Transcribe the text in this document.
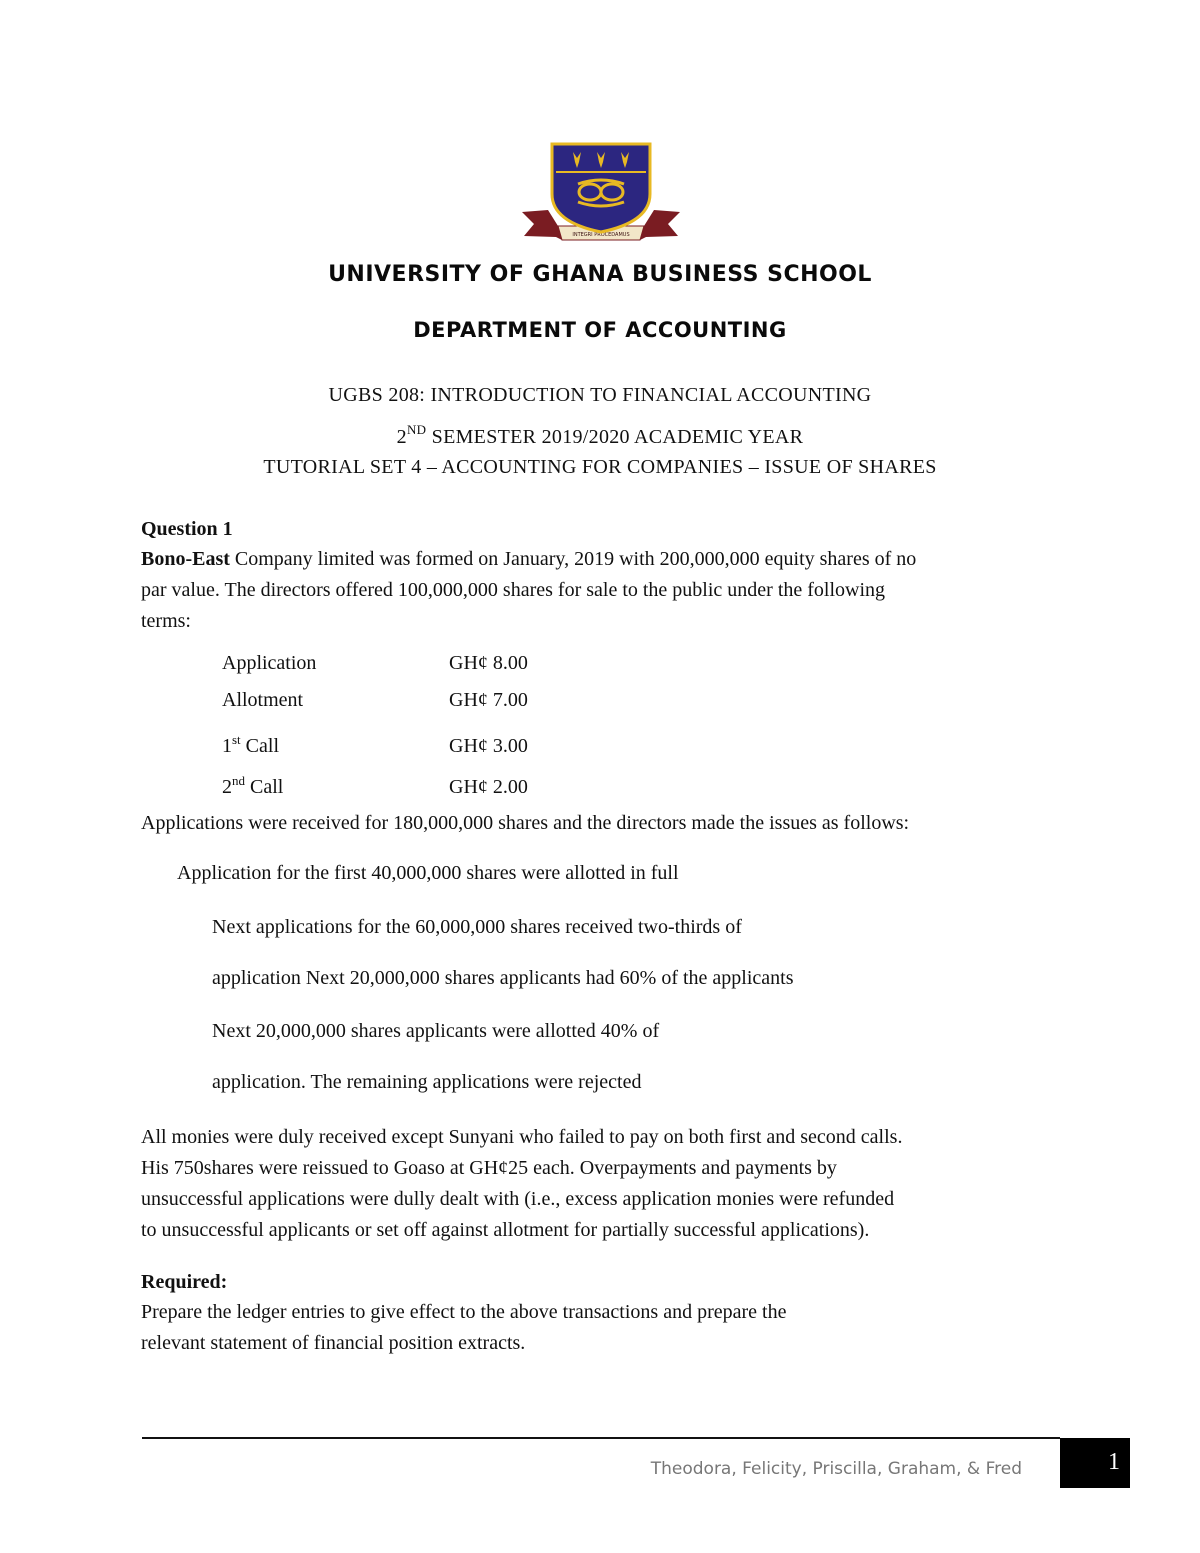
INTEGRI PROCEDAMUS
UNIVERSITY OF GHANA BUSINESS SCHOOL
DEPARTMENT OF ACCOUNTING
UGBS 208: INTRODUCTION TO FINANCIAL ACCOUNTING
2ND SEMESTER 2019/2020 ACADEMIC YEAR
TUTORIAL SET 4 – ACCOUNTING FOR COMPANIES – ISSUE OF SHARES
Question 1
Bono-East Company limited was formed on January, 2019 with 200,000,000 equity shares of no
par value. The directors offered 100,000,000 shares for sale to the public under the following
terms:
Application	GH¢ 8.00
Allotment	GH¢ 7.00
1st Call	GH¢ 3.00
2nd Call	GH¢ 2.00
Applications were received for 180,000,000 shares and the directors made the issues as follows:
Application for the first 40,000,000 shares were allotted in full
Next applications for the 60,000,000 shares received two-thirds of
application Next 20,000,000 shares applicants had 60% of the applicants
Next 20,000,000 shares applicants were allotted 40% of
application. The remaining applications were rejected
All monies were duly received except Sunyani who failed to pay on both first and second calls.
His 750shares were reissued to Goaso at GH¢25 each. Overpayments and payments by
unsuccessful applications were dully dealt with (i.e., excess application monies were refunded
to unsuccessful applicants or set off against allotment for partially successful applications).
Required:
Prepare the ledger entries to give effect to the above transactions and prepare the
relevant statement of financial position extracts.
Theodora, Felicity, Priscilla, Graham, & Fred	1
